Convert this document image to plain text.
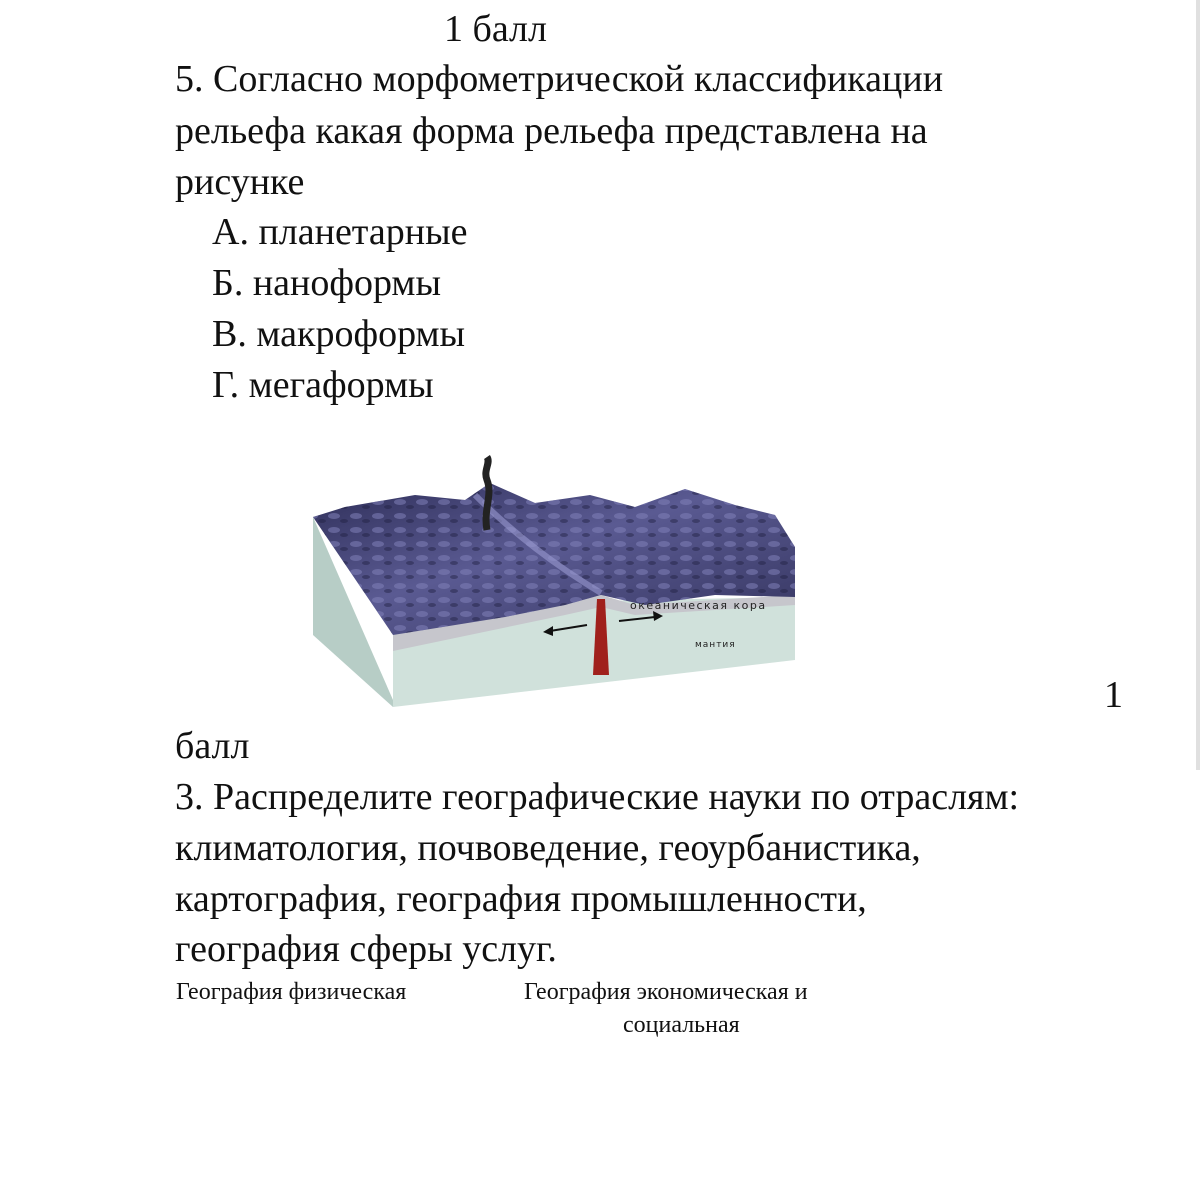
1 балл
5. Согласно морфометрической классификации
рельефа какая форма рельефа представлена на
рисунке
А. планетарные
Б. наноформы
В. макроформы
Г. мегаформы
океаническая кора
мантия
1
балл
3. Распределите географические науки по отраслям:
климатология, почвоведение, геоурбанистика,
картография, география промышленности,
география сферы услуг.
География физическая	География экономическая и
социальная
